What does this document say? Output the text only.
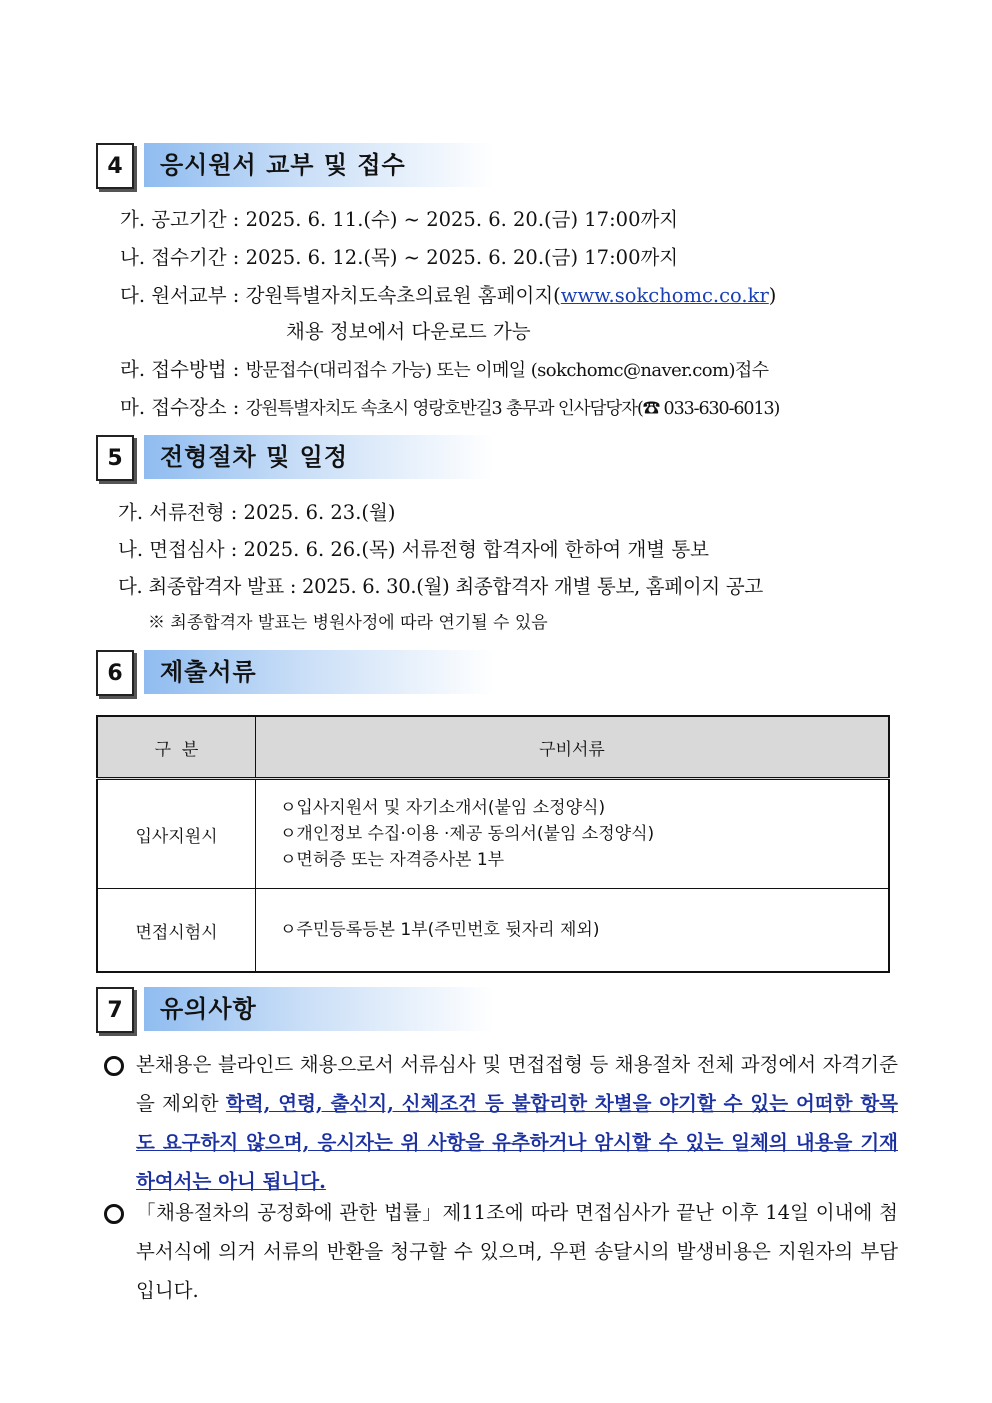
4	응시원서 교부 및 접수
가. 공고기간 : 2025. 6. 11.(수) ~ 2025. 6. 20.(금) 17:00까지
나. 접수기간 : 2025. 6. 12.(목) ~ 2025. 6. 20.(금) 17:00까지
다. 원서교부 : 강원특별자치도속초의료원 홈페이지(www.sokchomc.co.kr)
채용 정보에서 다운로드 가능
라. 접수방법 : 방문접수(대리접수 가능) 또는 이메일 (sokchomc@naver.com)접수
마. 접수장소 : 강원특별자치도 속초시 영랑호반길3 총무과 인사담당자(☎ 033-630-6013)
5	전형절차 및 일정
가. 서류전형 : 2025. 6. 23.(월)
나. 면접심사 : 2025. 6. 26.(목) 서류전형 합격자에 한하여 개별 통보
다. 최종합격자 발표 : 2025. 6. 30.(월) 최종합격자 개별 통보, 홈페이지 공고
※ 최종합격자 발표는 병원사정에 따라 연기될 수 있음
6	제출서류
구  분	구비서류
입사지원시	ㅇ입사지원서 및 자기소개서(붙임 소정양식)
ㅇ개인정보 수집·이용 ·제공 동의서(붙임 소정양식)
ㅇ면허증 또는 자격증사본 1부

면접시험시	ㅇ주민등록등본 1부(주민번호 뒷자리 제외)
7	유의사항
본채용은 블라인드 채용으로서 서류심사 및 면접접형 등 채용절차 전체 과정에서 자격기준을 제외한 학력, 연령, 출신지, 신체조건 등 불합리한 차별을 야기할 수 있는 어떠한 항목도 요구하지 않으며, 응시자는 위 사항을 유추하거나 암시할 수 있는 일체의 내용을 기재하여서는 아니 됩니다.
「채용절차의 공정화에 관한 법률」제11조에 따라 면접심사가 끝난 이후 14일 이내에 첨부서식에 의거 서류의 반환을 청구할 수 있으며, 우편 송달시의 발생비용은 지원자의 부담입니다.
